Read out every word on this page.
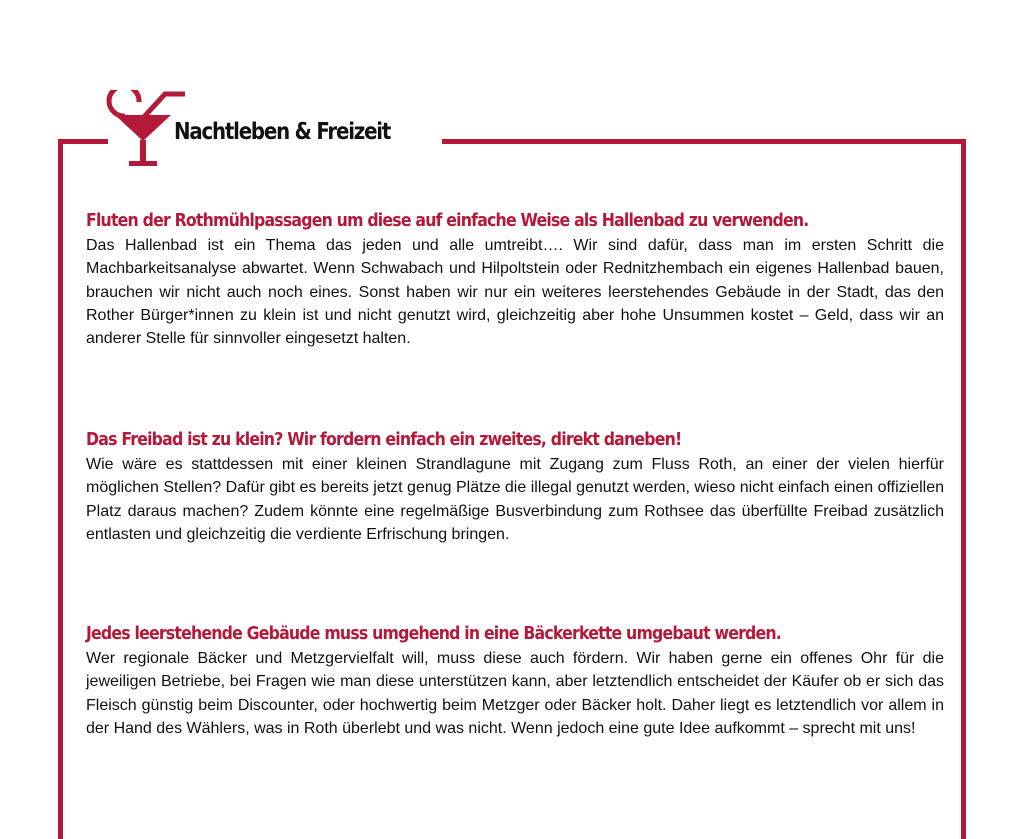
Nachtleben & Freizeit
Fluten der Rothmühlpassagen um diese auf einfache Weise als Hallenbad zu verwenden.

Das Hallenbad ist ein Thema das jeden und alle umtreibt…. Wir sind dafür, dass man im ersten Schritt die Machbarkeitsanalyse abwartet. Wenn Schwabach und Hilpoltstein oder Rednitzhembach ein eigenes Hallenbad bauen, brauchen wir nicht auch noch eines. Sonst haben wir nur ein weiteres leerstehendes Gebäude in der Stadt, das den Rother Bürger*innen zu klein ist und nicht genutzt wird, gleichzeitig aber hohe Unsummen kostet – Geld, dass wir an anderer Stelle für sinnvoller eingesetzt halten.

Das Freibad ist zu klein? Wir fordern einfach ein zweites, direkt daneben!

Wie wäre es stattdessen mit einer kleinen Strandlagune mit Zugang zum Fluss Roth, an einer der vielen hierfür möglichen Stellen? Dafür gibt es bereits jetzt genug Plätze die illegal genutzt werden, wieso nicht einfach einen offiziellen Platz daraus machen? Zudem könnte eine regelmäßige Busverbindung zum Rothsee das überfüllte Freibad zusätzlich entlasten und gleichzeitig die verdiente Erfrischung bringen.

Jedes leerstehende Gebäude muss umgehend in eine Bäckerkette umgebaut werden.

Wer regionale Bäcker und Metzgervielfalt will, muss diese auch fördern. Wir haben gerne ein offenes Ohr für die jeweiligen Betriebe, bei Fragen wie man diese unterstützen kann, aber letztendlich entscheidet der Käufer ob er sich das Fleisch günstig beim Discounter, oder hochwertig beim Metzger oder Bäcker holt. Daher liegt es letztendlich vor allem in der Hand des Wählers, was in Roth überlebt und was nicht. Wenn jedoch eine gute Idee aufkommt – sprecht mit uns!
